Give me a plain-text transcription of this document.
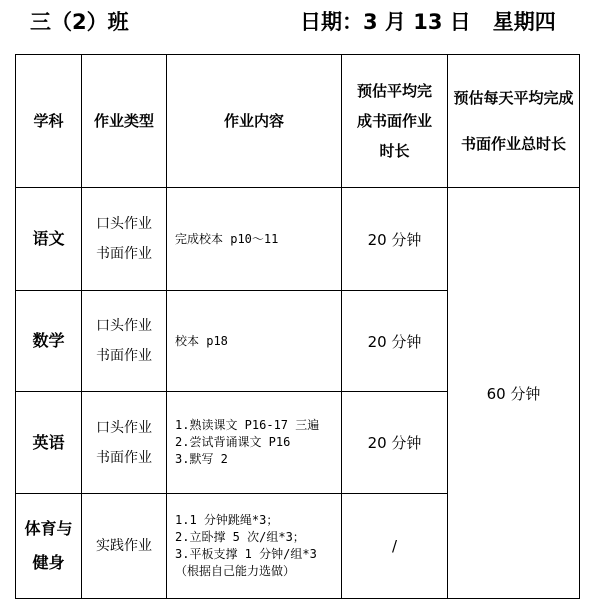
三（2）班	日期：3 月 13 日 星期四
学科	作业类型	作业内容	预估平均完
成书面作业
时长	预估每天平均完成
书面作业总时长

语文	口头作业
书面作业	完成校本 p10～11	20 分钟	60 分钟
数学	口头作业
书面作业	校本 p18	20 分钟	
英语	口头作业
书面作业	1.熟读课文 P16-17 三遍
2.尝试背诵课文 P16
3.默写 2	20 分钟	

体育与
健身	实践作业	1.1 分钟跳绳*3；
2.立卧撑 5 次/组*3；
3.平板支撑 1 分钟/组*3
（根据自己能力选做）	/	
